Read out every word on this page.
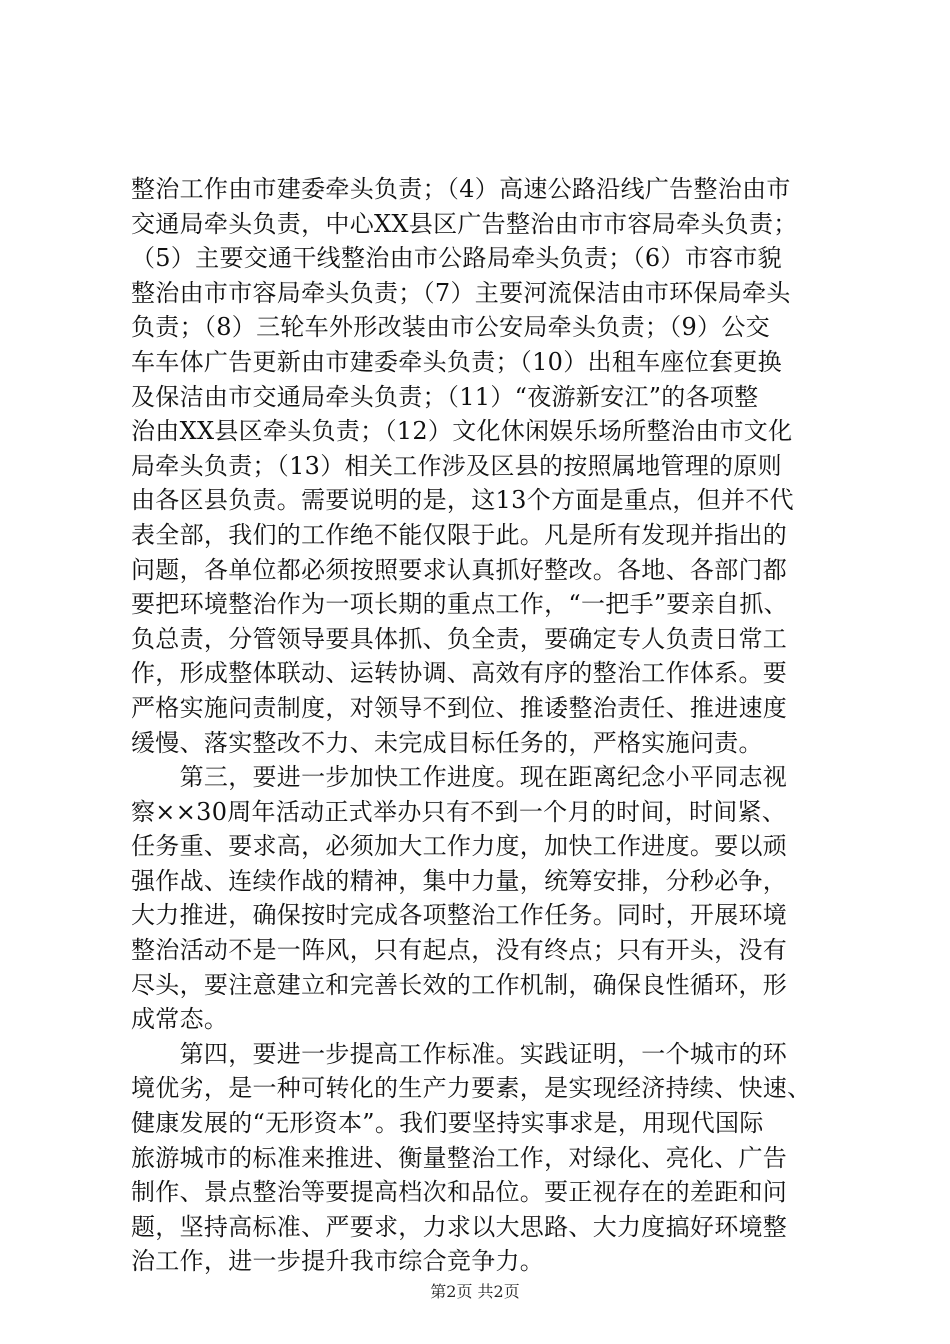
整治工作由市建委牵头负责；（4）高速公路沿线广告整治由市
交通局牵头负责，中心XX县区广告整治由市市容局牵头负责；
（5）主要交通干线整治由市公路局牵头负责；（6）市容市貌
整治由市市容局牵头负责；（7）主要河流保洁由市环保局牵头
负责；（8）三轮车外形改装由市公安局牵头负责；（9）公交
车车体广告更新由市建委牵头负责；（10）出租车座位套更换
及保洁由市交通局牵头负责；（11）“夜游新安江”的各项整
治由XX县区牵头负责；（12）文化休闲娱乐场所整治由市文化
局牵头负责；（13）相关工作涉及区县的按照属地管理的原则
由各区县负责。需要说明的是，这13个方面是重点，但并不代
表全部，我们的工作绝不能仅限于此。凡是所有发现并指出的
问题，各单位都必须按照要求认真抓好整改。各地、各部门都
要把环境整治作为一项长期的重点工作，“一把手”要亲自抓、
负总责，分管领导要具体抓、负全责，要确定专人负责日常工
作，形成整体联动、运转协调、高效有序的整治工作体系。要
严格实施问责制度，对领导不到位、推诿整治责任、推进速度
缓慢、落实整改不力、未完成目标任务的，严格实施问责。
　　第三，要进一步加快工作进度。现在距离纪念小平同志视
察××30周年活动正式举办只有不到一个月的时间，时间紧、
任务重、要求高，必须加大工作力度，加快工作进度。要以顽
强作战、连续作战的精神，集中力量，统筹安排，分秒必争，
大力推进，确保按时完成各项整治工作任务。同时，开展环境
整治活动不是一阵风，只有起点，没有终点；只有开头，没有
尽头，要注意建立和完善长效的工作机制，确保良性循环，形
成常态。
　　第四，要进一步提高工作标准。实践证明，一个城市的环
境优劣，是一种可转化的生产力要素，是实现经济持续、快速、
健康发展的“无形资本”。我们要坚持实事求是，用现代国际
旅游城市的标准来推进、衡量整治工作，对绿化、亮化、广告
制作、景点整治等要提高档次和品位。要正视存在的差距和问
题，坚持高标准、严要求，力求以大思路、大力度搞好环境整
治工作，进一步提升我市综合竞争力。
第2页 共2页
